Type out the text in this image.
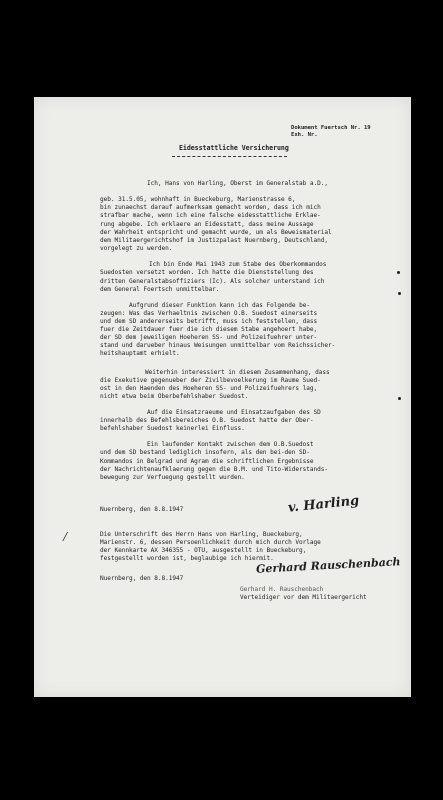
Dokument Fuertsch Nr. 19
Exh. Nr.
Eidesstattliche Versicherung
Ich, Hans von Harling, Oberst im Generalstab a.D.,
geb. 31.5.05, wohnhaft in Bueckeburg, Marienstrasse 6,
bin zunaechst darauf aufmerksam gemacht worden, dass ich mich
strafbar mache, wenn ich eine falsche eidesstattliche Erklae-
rung abgebe. Ich erklaere an Eidesstatt, dass meine Aussage
der Wahrheit entspricht und gemacht wurde, um als Beweismaterial
dem Militaergerichtshof im Justizpalast Nuernberg, Deutschland,
vorgelegt zu werden.
Ich bin Ende Mai 1943 zum Stabe des Oberkommandos
Suedosten versetzt worden. Ich hatte die Dienststellung des
dritten Generalstabsoffiziers (Ic). Als solcher unterstand ich
dem General Foertsch unmittelbar.
Aufgrund dieser Funktion kann ich das Folgende be-
zeugen: Was das Verhaeltnis zwischen O.B. Suedost einerseits
und dem SD andererseits betrifft, muss ich feststellen, dass
fuer die Zeitdauer fuer die ich diesem Stabe angehoert habe,
der SD dem jeweiligen Hoeheren SS- und Polizeifuehrer unter-
stand und darueber hinaus Weisungen unmittelbar vom Reichssicher-
heitshauptamt erhielt.
Weiterhin interessiert in diesem Zusammenhang, dass
die Exekutive gegenueber der Zivilbevoelkerung im Raume Sued-
ost in den Haenden des Hoeheren SS- und Polizeifuehrers lag,
nicht etwa beim Oberbefehlshaber Suedost.
Auf die Einsatzraeume und Einsatzaufgaben des SD
innerhalb des Befehlsbereiches O.B. Suedost hatte der Ober-
befehlshaber Suedost keinerlei Einfluss.
Ein laufender Kontakt zwischen dem O.B.Suedost
und dem SD bestand lediglich insofern, als den bei-den SD-
Kommandos in Belgrad und Agram die schriftlichen Ergebnisse
der Nachrichtenaufklaerung gegen die B.M. und Tito-Widerstands-
bewegung zur Verfuegung gestellt wurden.
Nuernberg, den 8.8.1947	v. Harling
Die Unterschrift des Herrn Hans von Harling, Bueckeburg,
Marienstr. 6, dessen Persoenlichkeit durch mich durch Vorlage
der Kennkarte AX 346355 - OTU, ausgestellt in Bueckeburg,
festgestellt worden ist, beglaubige ich hiermit.
Nuernberg, den 8.8.1947
Gerhard Rauschenbach
Gerhard H. Rauschenbach
Verteidiger vor dem Militaergericht
⁄
